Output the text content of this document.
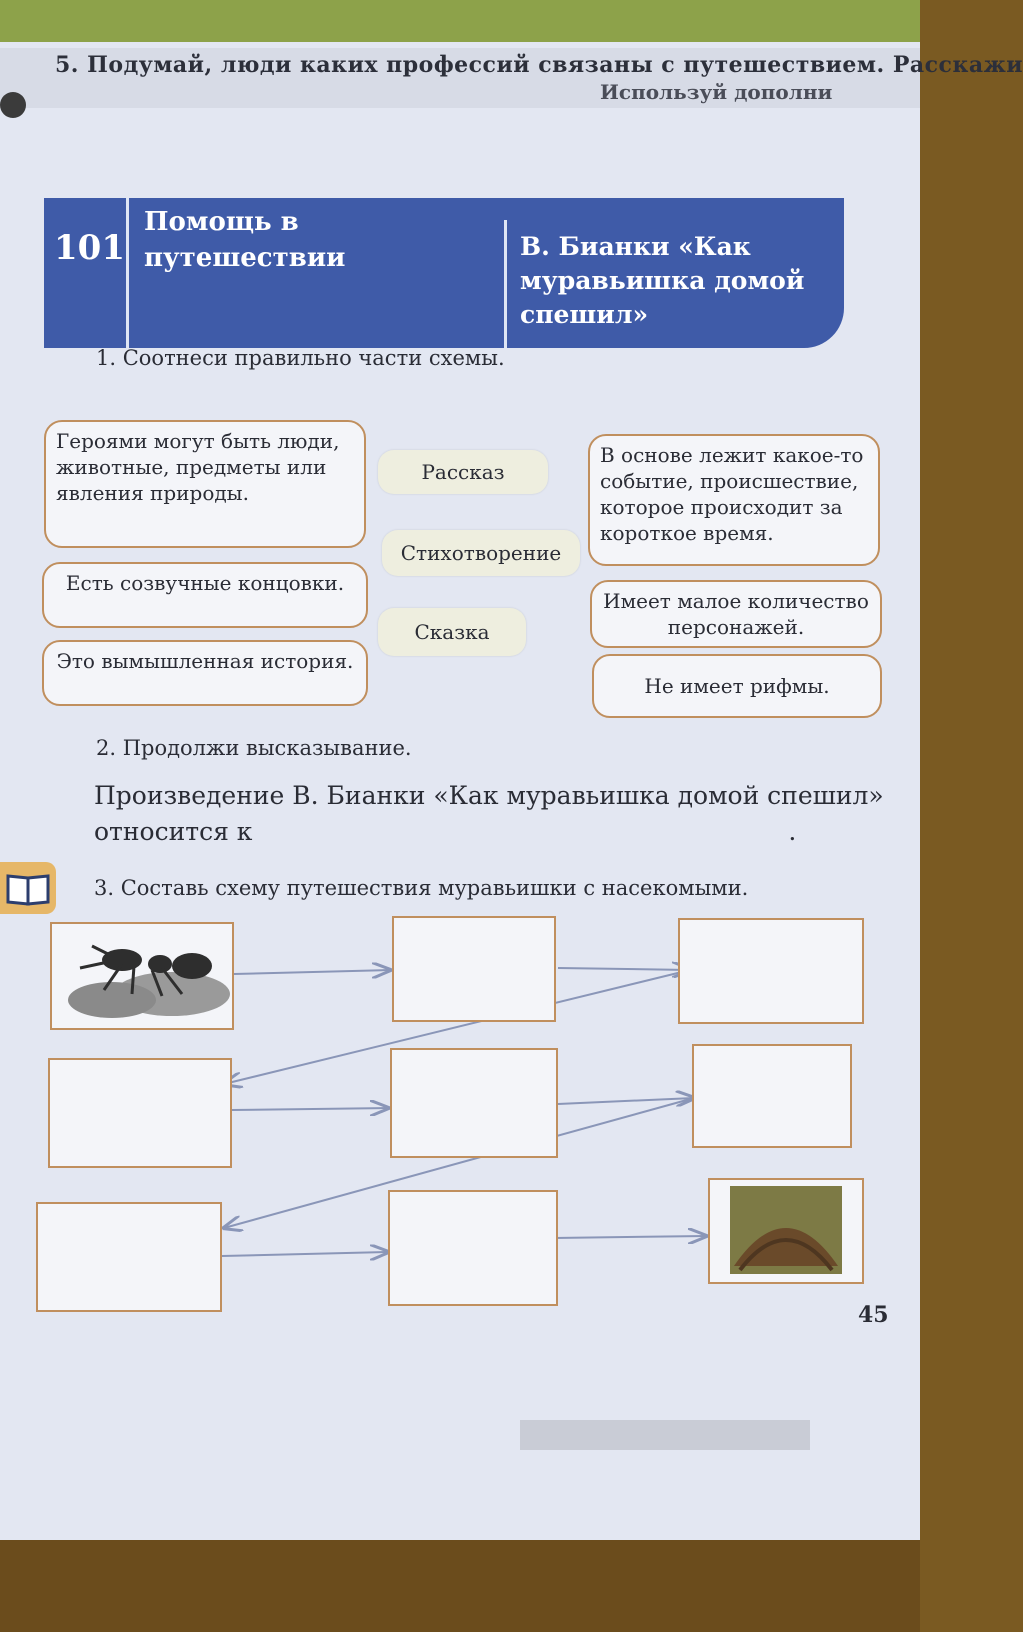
5. Подумай, люди каких профессий связаны с путешествием. Расскажи
Используй дополни
101
Помощь в путешествии	В. Бианки «Как муравьишка домой спешил»
1. Соотнеси правильно части схемы.
Героями могут быть люди, животные, предметы или явления природы.
Есть созвучные концовки.
Это вымышленная история.
Рассказ
Стихотворение
Сказка
В основе лежит какое-то событие, происшествие, которое происходит за короткое время.
Имеет малое количество персонажей.
Не имеет рифмы.
2. Продолжи высказывание.
Произведение В. Бианки «Как муравьишка домой спешил» относится к	.
3. Составь схему путешествия муравьишки с насекомыми.
45
